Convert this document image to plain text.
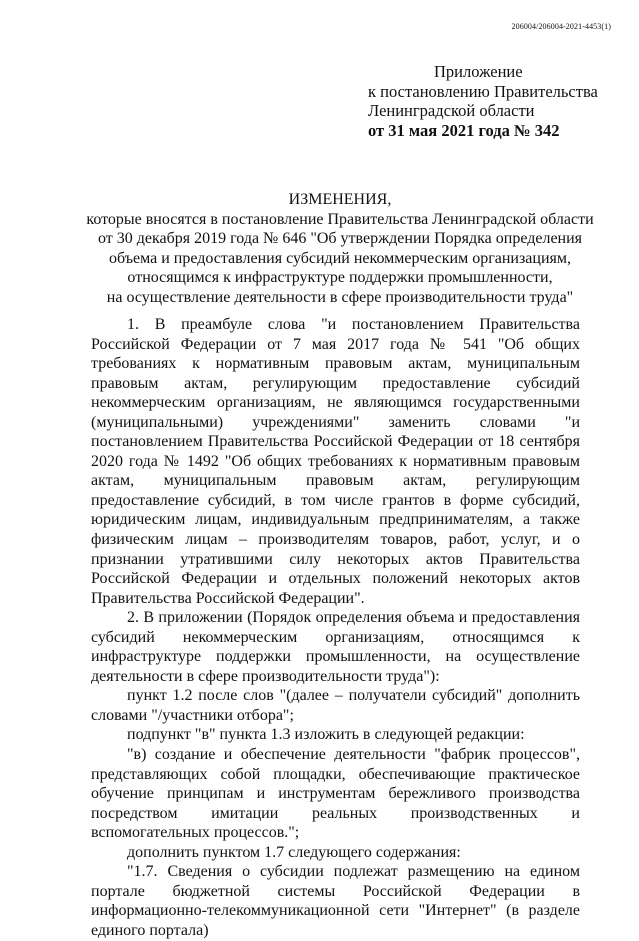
206004/206004-2021-4453(1)
Приложение
к постановлению Правительства
Ленинградской области
от 31 мая 2021 года № 342
ИЗМЕНЕНИЯ,
которые вносятся в постановление Правительства Ленинградской области
от 30 декабря 2019 года № 646 "Об утверждении Порядка определения
объема и предоставления субсидий некоммерческим организациям,
относящимся к инфраструктуре поддержки промышленности,
на осуществление деятельности в сфере производительности труда"

1. В преамбуле слова "и постановлением Правительства Российской Федерации от 7 мая 2017 года № 541 "Об общих требованиях к нормативным правовым актам, муниципальным правовым актам, регулирующим предоставление субсидий некоммерческим организациям, не являющимся государственными (муниципальными) учреждениями" заменить словами "и постановлением Правительства Российской Федерации от 18 сентября 2020 года № 1492 "Об общих требованиях к нормативным правовым актам, муниципальным правовым актам, регулирующим предоставление субсидий, в том числе грантов в форме субсидий, юридическим лицам, индивидуальным предпринимателям, а также физическим лицам – производителям товаров, работ, услуг, и о признании утратившими силу некоторых актов Правительства Российской Федерации и отдельных положений некоторых актов Правительства Российской Федерации".

2. В приложении (Порядок определения объема и предоставления субсидий некоммерческим организациям, относящимся к инфраструктуре поддержки промышленности, на осуществление деятельности в сфере производительности труда"):

пункт 1.2 после слов "(далее – получатели субсидий" дополнить словами "/участники отбора";

подпункт "в" пункта 1.3 изложить в следующей редакции:

"в) создание и обеспечение деятельности "фабрик процессов", представляющих собой площадки, обеспечивающие практическое обучение принципам и инструментам бережливого производства посредством имитации реальных производственных и вспомогательных процессов.";

дополнить пунктом 1.7 следующего содержания:

"1.7. Сведения о субсидии подлежат размещению на едином портале бюджетной системы Российской Федерации в информационно-телекоммуникационной сети "Интернет" (в разделе единого портала)
